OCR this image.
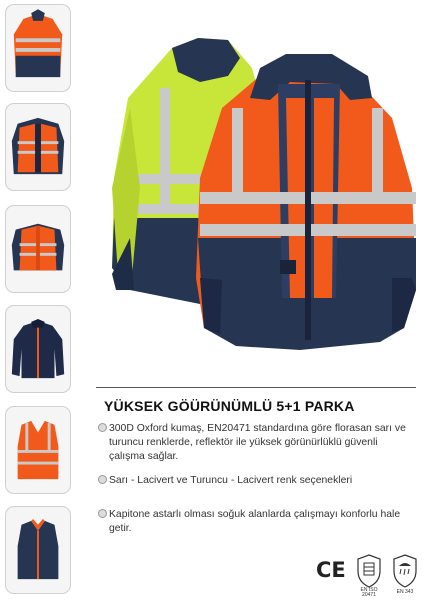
YÜKSEK GÖÜRÜNÜMLÜ 5+1 PARKA
300D Oxford kumaş, EN20471 standardına göre florasan sarı ve turuncu renklerde, reflektör ile yüksek görünürlüklü güvenli çalışma sağlar.
Sarı - Lacivert ve Turuncu - Lacivert renk seçenekleri
Kapitone astarlı olması soğuk alanlarda çalışmayı konforlu hale getir.
CE
EN ISO
20471	EN 343
